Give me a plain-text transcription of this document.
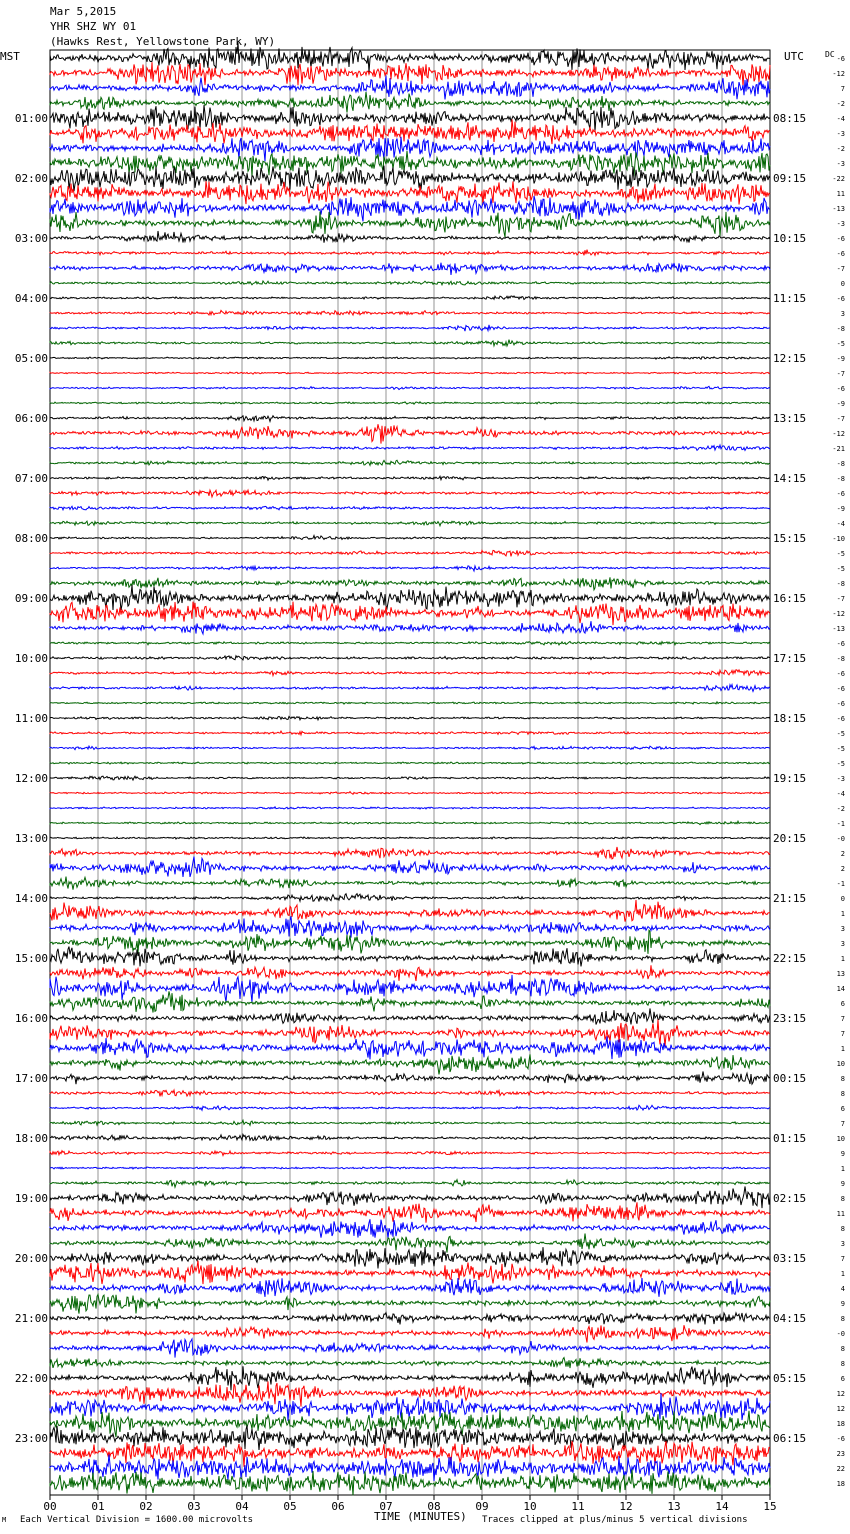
Mar 5,2015
YHR SHZ WY 01
(Hawks Rest, Yellowstone Park, WY)
MST	UTC	DC
00	01	02	03	04	05	06	07	08	09	10	11	12	13	14	15
-6
-12
7
-2
-4
-3
-2
-3
-22
11
-13
-3
-6
-6
-7
0
-6
3
-8
-5
-9
-7
-6
-9
-7
-12
-21
-8
-8
-6
-9
-4
-10
-5
-5
-8
-7
-12
-13
-6
-8
-6
-6
-6
-6
-5
-5
-5
-3
-4
-2
-1
-0
2
2
-1
0
1
3
3
1
13
14
6
7
7
1
10
8
8
6
7
10
9
1
9
8
11
8
3
7
1
4
9
8
-0
8
8
6
12
12
18
-6
23
22
18
01:00
02:00
03:00
04:00
05:00
06:00
07:00
08:00
09:00
10:00
11:00
12:00
13:00
14:00
15:00
16:00
17:00
18:00
19:00
20:00
21:00
22:00
23:00
08:15
09:15
10:15
11:15
12:15
13:15
14:15
15:15
16:15
17:15
18:15
19:15
20:15
21:15
22:15
23:15
00:15
01:15
02:15
03:15
04:15
05:15
06:15
M Each Vertical Division = 1600.00 microvolts	TIME (MINUTES) Traces clipped at plus/minus 5 vertical divisions
